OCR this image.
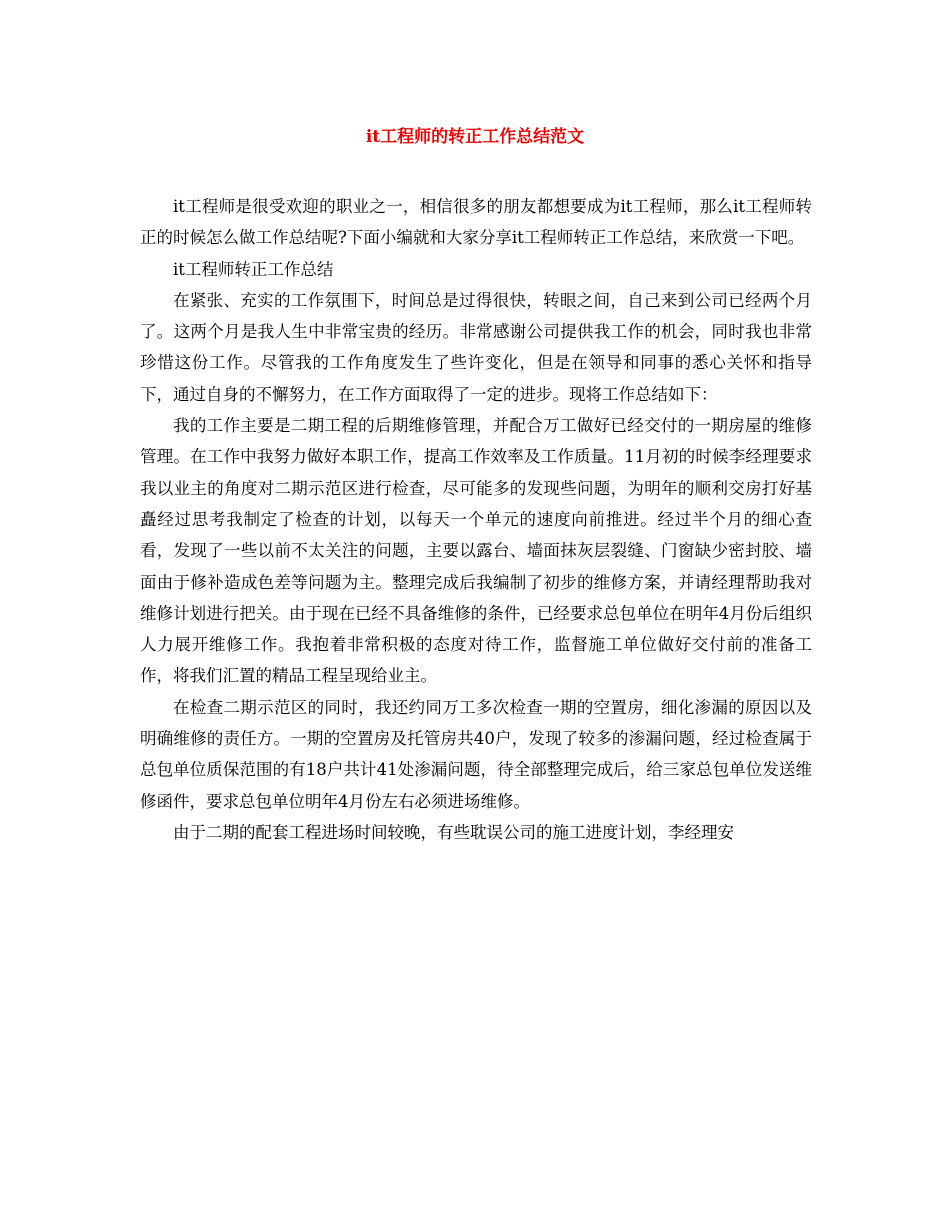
it工程师的转正工作总结范文

it工程师是很受欢迎的职业之一，相信很多的朋友都想要成为it工程师，那么it工程师转正的时候怎么做工作总结呢?下面小编就和大家分享it工程师转正工作总结，来欣赏一下吧。

it工程师转正工作总结

在紧张、充实的工作氛围下，时间总是过得很快，转眼之间，自己来到公司已经两个月了。这两个月是我人生中非常宝贵的经历。非常感谢公司提供我工作的机会，同时我也非常珍惜这份工作。尽管我的工作角度发生了些许变化，但是在领导和同事的悉心关怀和指导下，通过自身的不懈努力，在工作方面取得了一定的进步。现将工作总结如下：

我的工作主要是二期工程的后期维修管理，并配合万工做好已经交付的一期房屋的维修管理。在工作中我努力做好本职工作，提高工作效率及工作质量。11月初的时候李经理要求我以业主的角度对二期示范区进行检查，尽可能多的发现些问题，为明年的顺利交房打好基矗经过思考我制定了检查的计划，以每天一个单元的速度向前推进。经过半个月的细心查看，发现了一些以前不太关注的问题，主要以露台、墙面抹灰层裂缝、门窗缺少密封胶、墙面由于修补造成色差等问题为主。整理完成后我编制了初步的维修方案，并请经理帮助我对维修计划进行把关。由于现在已经不具备维修的条件，已经要求总包单位在明年4月份后组织人力展开维修工作。我抱着非常积极的态度对待工作，监督施工单位做好交付前的准备工作，将我们汇置的精品工程呈现给业主。

在检查二期示范区的同时，我还约同万工多次检查一期的空置房，细化渗漏的原因以及明确维修的责任方。一期的空置房及托管房共40户，发现了较多的渗漏问题，经过检查属于总包单位质保范围的有18户共计41处渗漏问题，待全部整理完成后，给三家总包单位发送维修函件，要求总包单位明年4月份左右必须进场维修。

由于二期的配套工程进场时间较晚，有些耽误公司的施工进度计划，李经理安
